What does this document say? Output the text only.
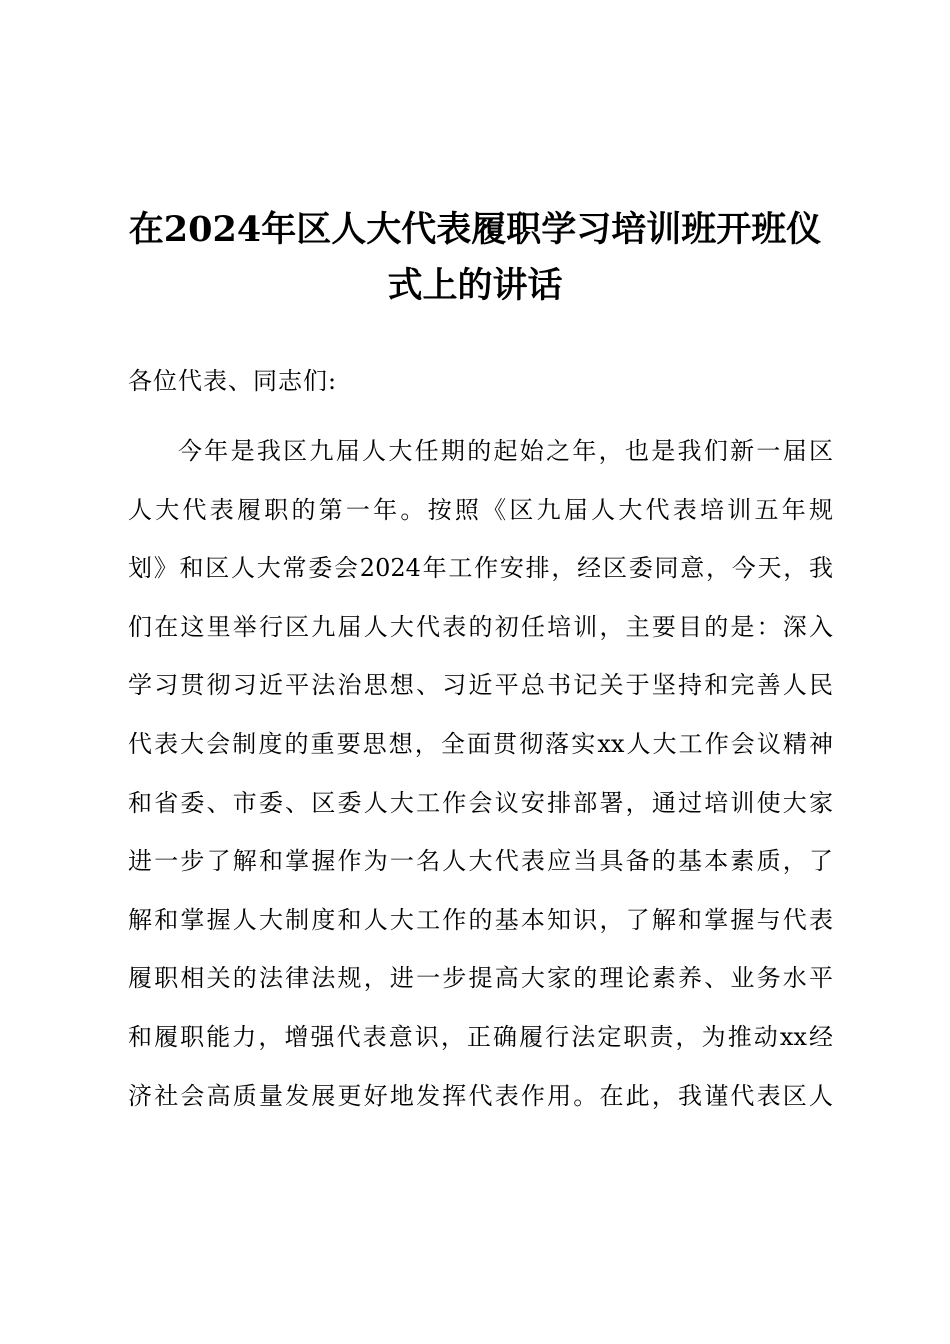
在2024年区人大代表履职学习培训班开班仪
式上的讲话

各位代表、同志们:

今年是我区九届人大任期的起始之年，也是我们新一届区
人大代表履职的第一年。按照《区九届人大代表培训五年规
划》和区人大常委会2024年工作安排，经区委同意，今天，我
们在这里举行区九届人大代表的初任培训，主要目的是：深入
学习贯彻习近平法治思想、习近平总书记关于坚持和完善人民
代表大会制度的重要思想，全面贯彻落实xx人大工作会议精神
和省委、市委、区委人大工作会议安排部署，通过培训使大家
进一步了解和掌握作为一名人大代表应当具备的基本素质，了
解和掌握人大制度和人大工作的基本知识，了解和掌握与代表
履职相关的法律法规，进一步提高大家的理论素养、业务水平
和履职能力，增强代表意识，正确履行法定职责，为推动xx经
济社会高质量发展更好地发挥代表作用。在此，我谨代表区人
